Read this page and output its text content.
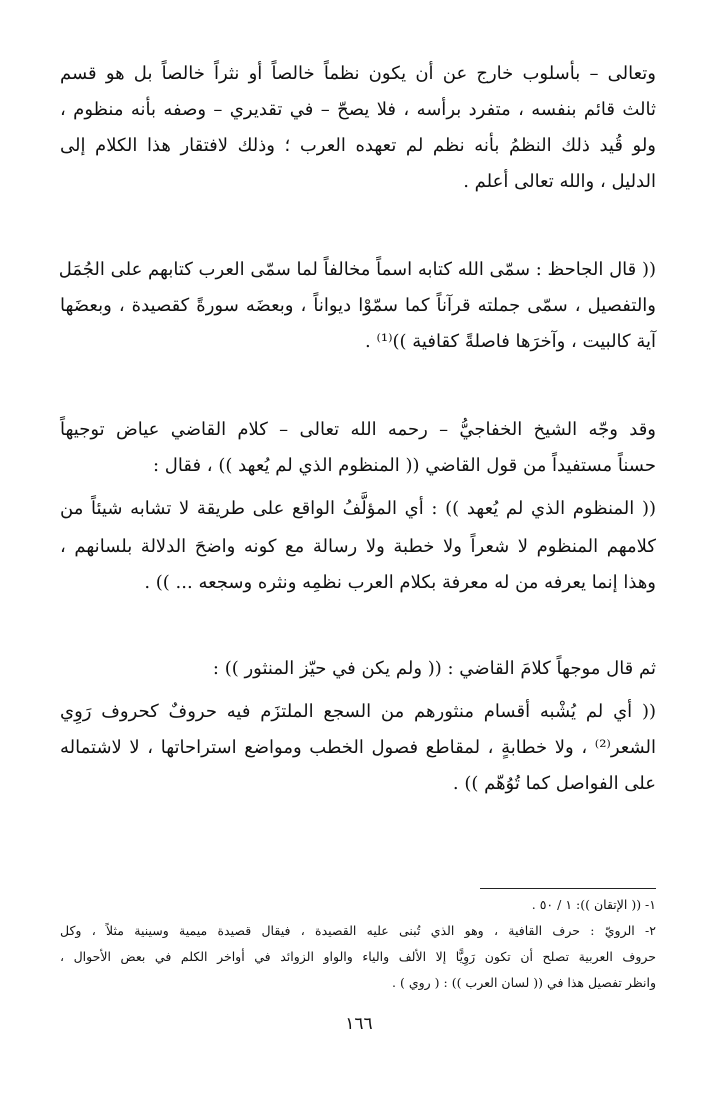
وتعالى – بأسلوب خارج عن أن يكون نظماً خالصاً أو نثراً خالصاً بل هو قسم
ثالث قائم بنفسه ، متفرد برأسه ، فلا يصحّ – في تقديري – وصفه بأنه منظوم ،
ولو قُيد ذلك النظمُ بأنه نظم لم تعهده العرب ؛ وذلك لافتقار هذا الكلام إلى
الدليل ، والله تعالى أعلم .
(( قال الجاحظ : سمّى الله كتابه اسماً مخالفاً لما سمّى العرب كتابهم على الجُمَل
والتفصيل ، سمّى جملته قرآناً كما سمّوْا ديواناً ، وبعضَه سورةً كقصيدة ، وبعضَها
آية كالبيت ، وآخرَها فاصلةً كقافية ))⁽¹⁾ .
وقد وجّه الشيخ الخفاجيُّ – رحمه الله تعالى – كلام القاضي عياض توجيهاً
حسناً مستفيداً من قول القاضي (( المنظوم الذي لم يُعهد )) ، فقال :
(( المنظوم الذي لم يُعهد )) : أي المؤلَّفُ الواقع على طريقة لا تشابه شيئاً من
كلامهم المنظوم لا شعراً ولا خطبة ولا رسالة مع كونه واضحَ الدلالة بلسانهم ،
وهذا إنما يعرفه من له معرفة بكلام العرب نظمِه ونثره وسجعه ... )) .
ثم قال موجهاً كلامَ القاضي : (( ولم يكن في حيّز المنثور )) :
(( أي لم يُشْبه أقسام منثورهم من السجع الملتزَم فيه حروفٌ كحروف رَوِي
الشعر⁽²⁾ ، ولا خطابةٍ ، لمقاطع فصول الخطب ومواضع استراحاتها ، لا لاشتماله
على الفواصل كما تُوُهّم )) .
١- (( الإتقان )): ١ / ٥٠ .
٢- الرويّ : حرف القافية ، وهو الذي تُبنى عليه القصيدة ، فيقال قصيدة ميمية وسينية مثلاً ، وكل
حروف العربية تصلح أن تكون رَوِيًّا إلا الألف والياء والواو الزوائد في أواخر الكلم في بعض الأحوال ،
وانظر تفصيل هذا في (( لسان العرب )) : ( روي ) .
١٦٦
